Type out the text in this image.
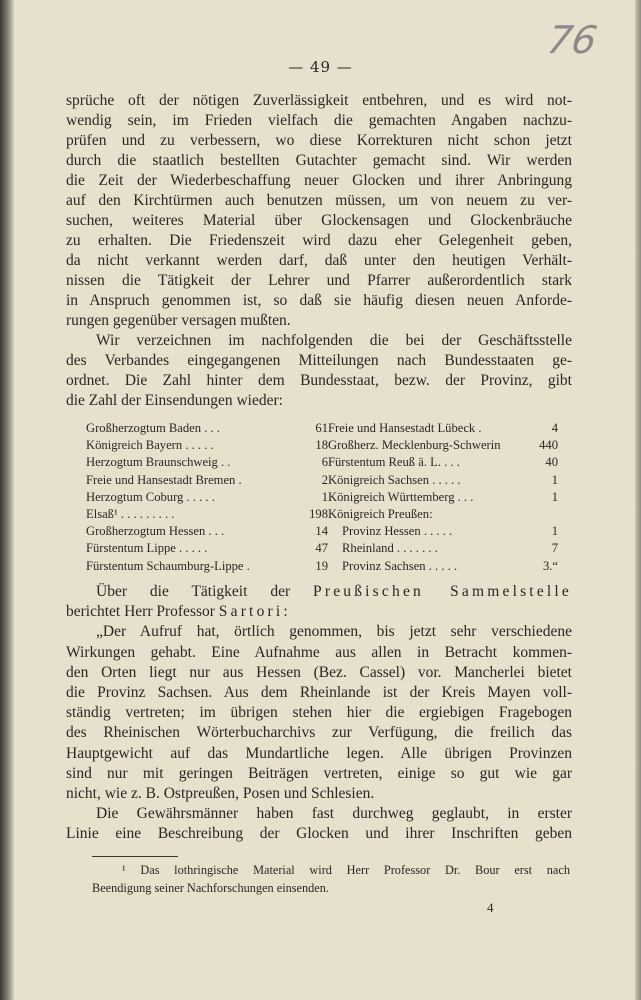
— 49 —
76
sprüche oft der nötigen Zuverlässigkeit entbehren, und es wird not-
wendig sein, im Frieden vielfach die gemachten Angaben nachzu-
prüfen und zu verbessern, wo diese Korrekturen nicht schon jetzt
durch die staatlich bestellten Gutachter gemacht sind. Wir werden
die Zeit der Wiederbeschaffung neuer Glocken und ihrer Anbringung
auf den Kirchtürmen auch benutzen müssen, um von neuem zu ver-
suchen, weiteres Material über Glockensagen und Glockenbräuche
zu erhalten. Die Friedenszeit wird dazu eher Gelegenheit geben,
da nicht verkannt werden darf, daß unter den heutigen Verhält-
nissen die Tätigkeit der Lehrer und Pfarrer außerordentlich stark
in Anspruch genommen ist, so daß sie häufig diesen neuen Anforde-
rungen gegenüber versagen mußten.
Wir verzeichnen im nachfolgenden die bei der Geschäftsstelle
des Verbandes eingegangenen Mitteilungen nach Bundesstaaten ge-
ordnet. Die Zahl hinter dem Bundesstaat, bezw. der Provinz, gibt
die Zahl der Einsendungen wieder:
Großherzogtum Baden . . .	61 Freie und Hansestadt Lübeck .	4
Königreich Bayern . . . . .	18 Großherz. Mecklenburg-Schwerin	440
Herzogtum Braunschweig . .	6 Fürstentum Reuß ä. L. . . .	40
Freie und Hansestadt Bremen .	2 Königreich Sachsen . . . . .	1
Herzogtum Coburg . . . . .	1 Königreich Württemberg . . .	1
Elsaß¹ . . . . . . . . .	198 Königreich Preußen:
Großherzogtum Hessen . . .	14	Provinz Hessen . . . . .	1
Fürstentum Lippe . . . . .	47	Rheinland . . . . . . .	7
Fürstentum Schaumburg-Lippe .	19	Provinz Sachsen . . . . .	3.“
Über die Tätigkeit der Preußischen Sammelstelle
berichtet Herr Professor Sartori:
„Der Aufruf hat, örtlich genommen, bis jetzt sehr verschiedene
Wirkungen gehabt. Eine Aufnahme aus allen in Betracht kommen-
den Orten liegt nur aus Hessen (Bez. Cassel) vor. Mancherlei bietet
die Provinz Sachsen. Aus dem Rheinlande ist der Kreis Mayen voll-
ständig vertreten; im übrigen stehen hier die ergiebigen Fragebogen
des Rheinischen Wörterbucharchivs zur Verfügung, die freilich das
Hauptgewicht auf das Mundartliche legen. Alle übrigen Provinzen
sind nur mit geringen Beiträgen vertreten, einige so gut wie gar
nicht, wie z. B. Ostpreußen, Posen und Schlesien.
Die Gewährsmänner haben fast durchweg geglaubt, in erster
Linie eine Beschreibung der Glocken und ihrer Inschriften geben
¹ Das lothringische Material wird Herr Professor Dr. Bour erst nach
Beendigung seiner Nachforschungen einsenden.
4
